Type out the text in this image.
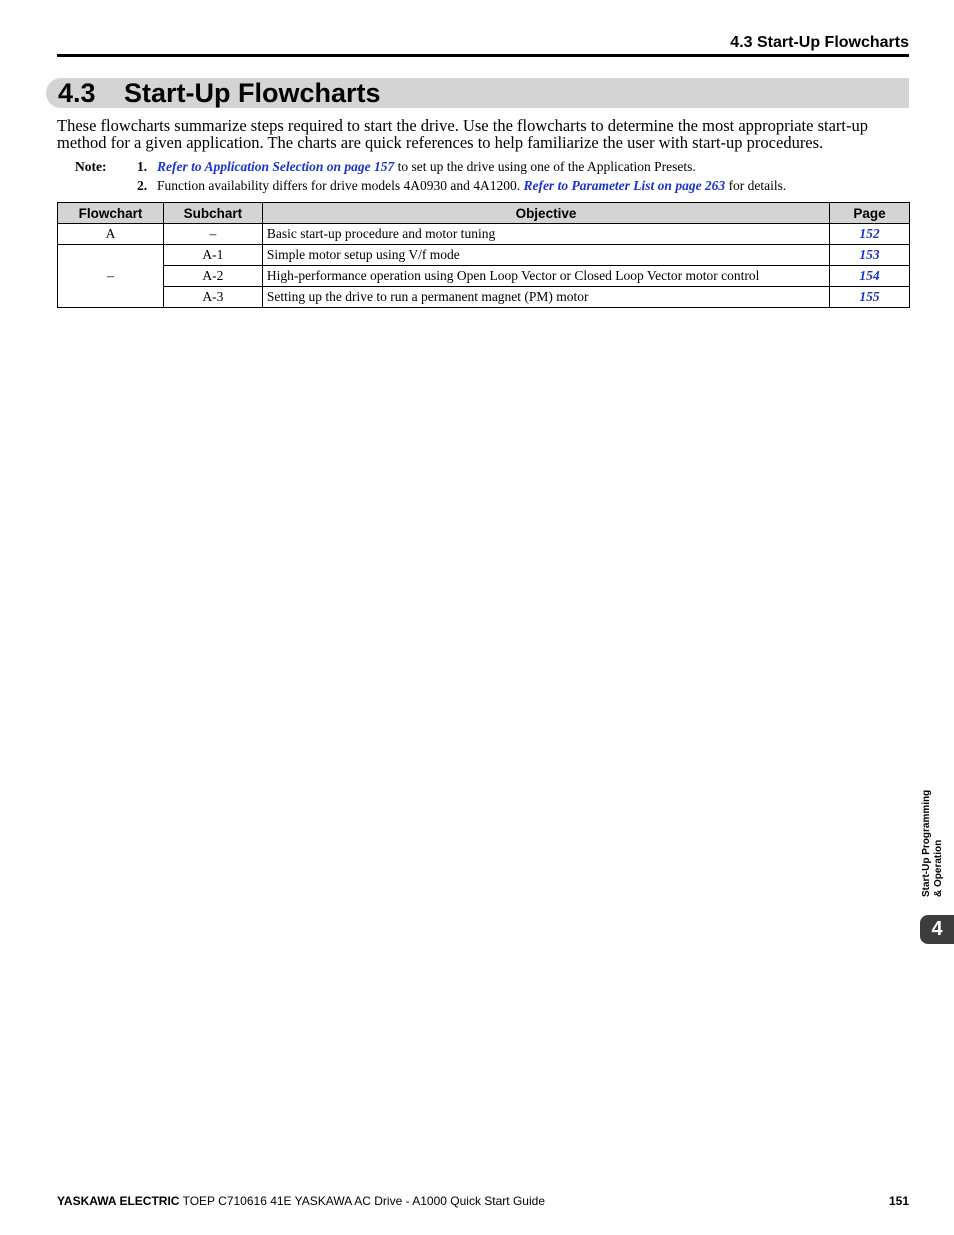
4.3 Start-Up Flowcharts
4.3 Start-Up Flowcharts

These flowcharts summarize steps required to start the drive. Use the flowcharts to determine the most appropriate start-up method for a given application. The charts are quick references to help familiarize the user with start-up procedures.

Note: 1. Refer to Application Selection on page 157 to set up the drive using one of the Application Presets.
2. Function availability differs for drive models 4A0930 and 4A1200. Refer to Parameter List on page 263 for details.
Flowchart	Subchart	Objective	Page
A	–	Basic start-up procedure and motor tuning	152
–	A-1	Simple motor setup using V/f mode	153
	A-2	High-performance operation using Open Loop Vector or Closed Loop Vector motor control	154
	A-3	Setting up the drive to run a permanent magnet (PM) motor	155
Start-Up Programming & Operation
4
YASKAWA ELECTRIC TOEP C710616 41E YASKAWA AC Drive - A1000 Quick Start Guide	151
